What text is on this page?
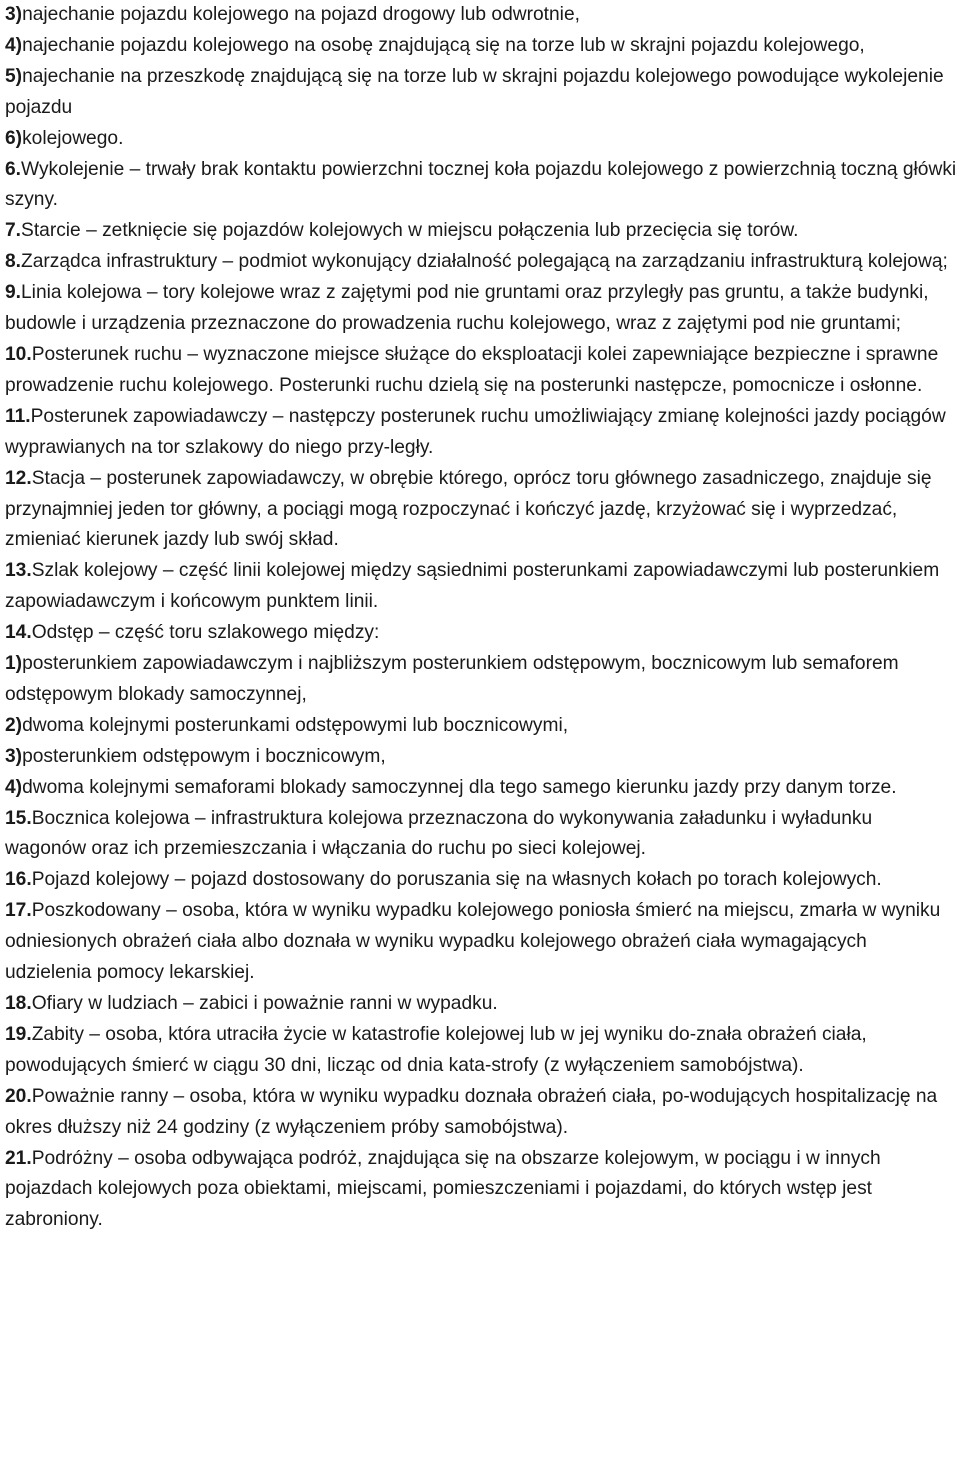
3)najechanie pojazdu kolejowego na pojazd drogowy lub odwrotnie,

4)najechanie pojazdu kolejowego na osobę znajdującą się na torze lub w skrajni pojazdu kolejowego,

5)najechanie na przeszkodę znajdującą się na torze lub w skrajni pojazdu kolejowego powodujące wykolejenie pojazdu

6)kolejowego.

6.Wykolejenie – trwały brak kontaktu powierzchni tocznej koła pojazdu kolejowego z powierzchnią toczną główki szyny.

7.Starcie – zetknięcie się pojazdów kolejowych w miejscu połączenia lub przecięcia się torów.

8.Zarządca infrastruktury – podmiot wykonujący działalność polegającą na zarządzaniu infrastrukturą kolejową;

9.Linia kolejowa – tory kolejowe wraz z zajętymi pod nie gruntami oraz przyległy pas gruntu, a także budynki, budowle i urządzenia przeznaczone do prowadzenia ruchu kolejowego, wraz z zajętymi pod nie gruntami;

10.Posterunek ruchu – wyznaczone miejsce służące do eksploatacji kolei zapewniające bezpieczne i sprawne prowadzenie ruchu kolejowego. Posterunki ruchu dzielą się na posterunki następcze, pomocnicze i osłonne.

11.Posterunek zapowiadawczy – następczy posterunek ruchu umożliwiający zmianę kolejności jazdy pociągów wyprawianych na tor szlakowy do niego przy-legły.

12.Stacja – posterunek zapowiadawczy, w obrębie którego, oprócz toru głównego zasadniczego, znajduje się przynajmniej jeden tor główny, a pociągi mogą rozpoczynać i kończyć jazdę, krzyżować się i wyprzedzać, zmieniać kierunek jazdy lub swój skład.

13.Szlak kolejowy – część linii kolejowej między sąsiednimi posterunkami zapowiadawczymi lub posterunkiem zapowiadawczym i końcowym punktem linii.

14.Odstęp – część toru szlakowego między:

1)posterunkiem zapowiadawczym i najbliższym posterunkiem odstępowym, bocznicowym lub semaforem odstępowym blokady samoczynnej,

2)dwoma kolejnymi posterunkami odstępowymi lub bocznicowymi,

3)posterunkiem odstępowym i bocznicowym,

4)dwoma kolejnymi semaforami blokady samoczynnej dla tego samego kierunku jazdy przy danym torze.

15.Bocznica kolejowa – infrastruktura kolejowa przeznaczona do wykonywania załadunku i wyładunku wagonów oraz ich przemieszczania i włączania do ruchu po sieci kolejowej.

16.Pojazd kolejowy – pojazd dostosowany do poruszania się na własnych kołach po torach kolejowych.

17.Poszkodowany – osoba, która w wyniku wypadku kolejowego poniosła śmierć na miejscu, zmarła w wyniku odniesionych obrażeń ciała albo doznała w wyniku wypadku kolejowego obrażeń ciała wymagających udzielenia pomocy lekarskiej.

18.Ofiary w ludziach – zabici i poważnie ranni w wypadku.

19.Zabity – osoba, która utraciła życie w katastrofie kolejowej lub w jej wyniku do-znała obrażeń ciała, powodujących śmierć w ciągu 30 dni, licząc od dnia kata-strofy (z wyłączeniem samobójstwa).

20.Poważnie ranny – osoba, która w wyniku wypadku doznała obrażeń ciała, po-wodujących hospitalizację na okres dłuższy niż 24 godziny (z wyłączeniem próby samobójstwa).

21.Podróżny – osoba odbywająca podróż, znajdująca się na obszarze kolejowym, w pociągu i w innych pojazdach kolejowych poza obiektami, miejscami, pomieszczeniami i pojazdami, do których wstęp jest zabroniony.
